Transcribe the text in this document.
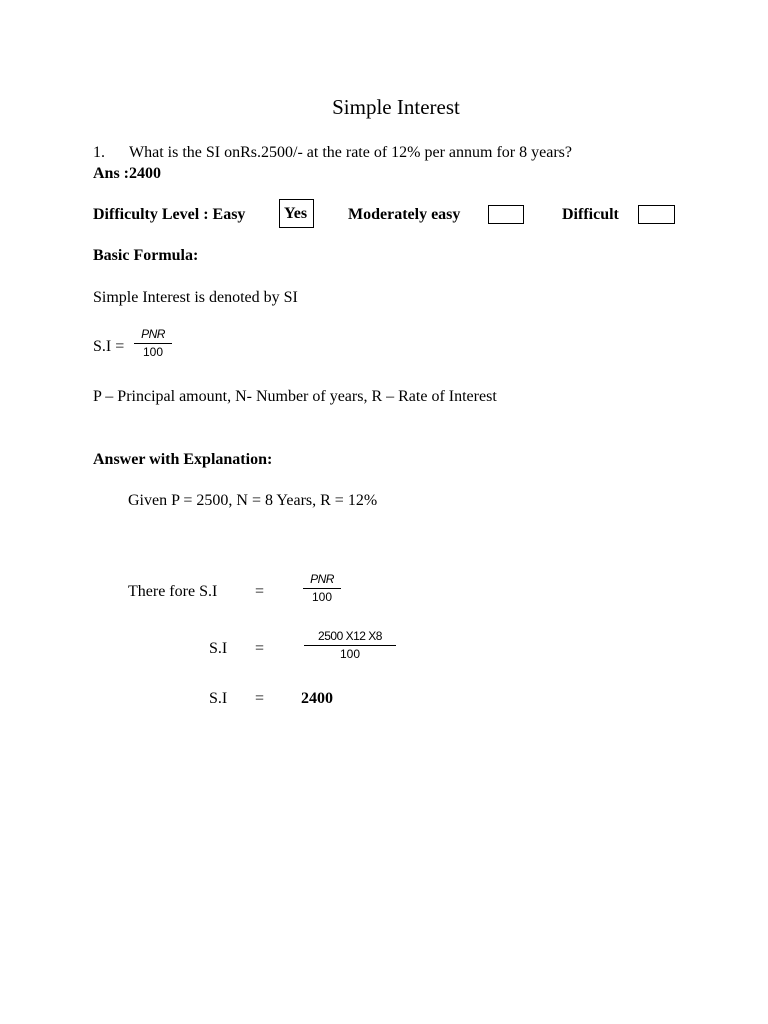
Simple Interest
1. What is the SI onRs.2500/- at the rate of 12% per annum for 8 years?
Ans :2400
Difficulty Level : Easy Yes	Moderately easy	Difficult
Basic Formula:
Simple Interest is denoted by SI
S.I =
PNR
100
P – Principal amount, N- Number of years, R – Rate of Interest
Answer with Explanation:
Given P = 2500, N = 8 Years, R = 12%
There fore S.I =
PNR
100
S.I =
2500 X12 X8
100
S.I = 2400
